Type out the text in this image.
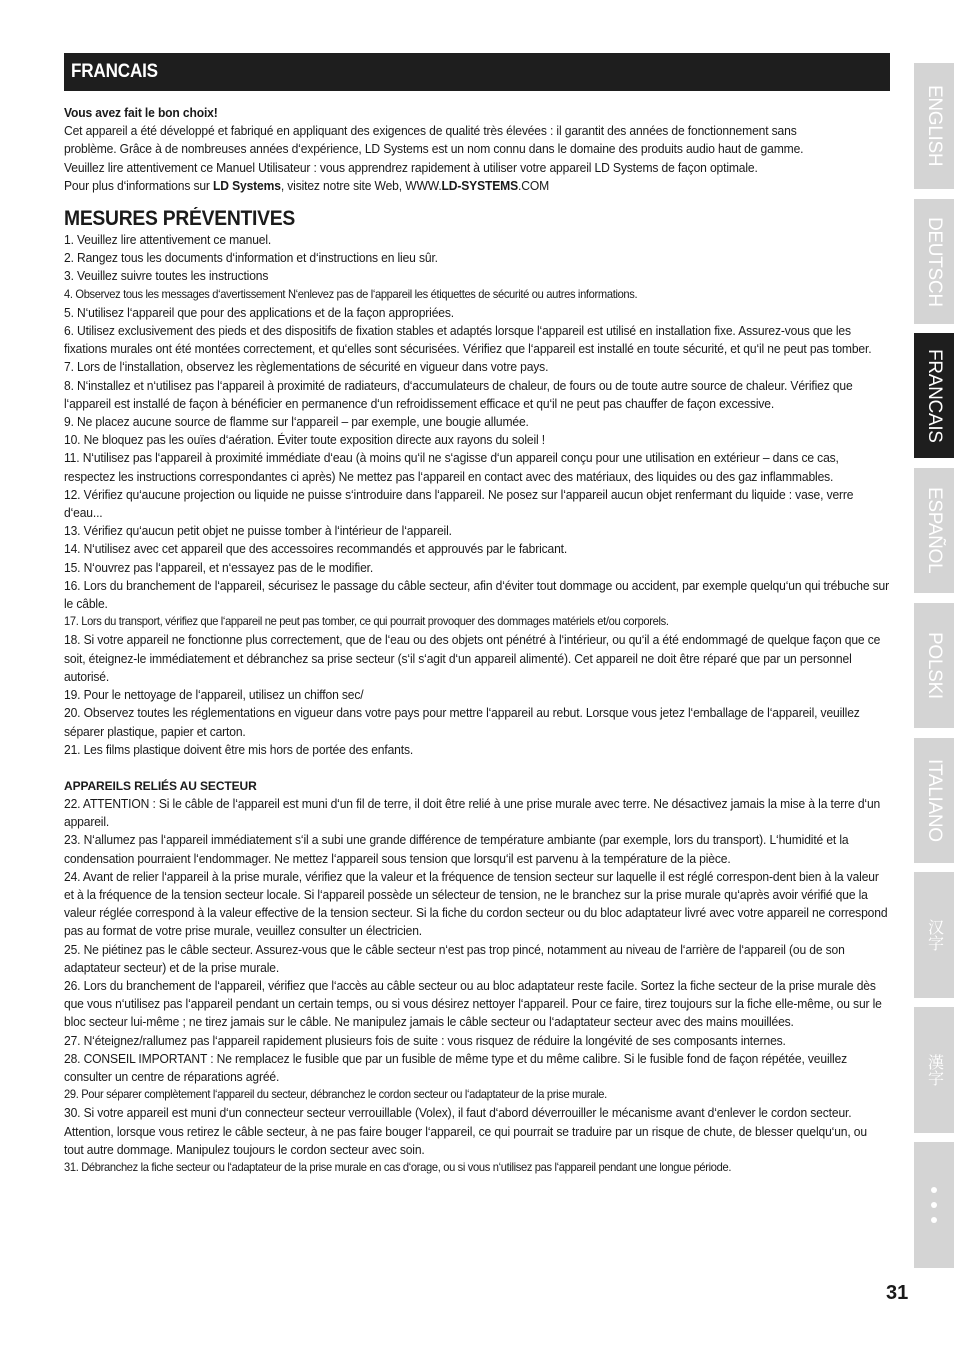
FRANCAIS

Vous avez fait le bon choix!

Cet appareil a été développé et fabriqué en appliquant des exigences de qualité très élevées : il garantit des années de fonctionnement sans
problème. Grâce à de nombreuses années d‘expérience, LD Systems est un nom connu dans le domaine des produits audio haut de gamme.
Veuillez lire attentivement ce Manuel Utilisateur : vous apprendrez rapidement à utiliser votre appareil LD Systems de façon optimale.
Pour plus d‘informations sur LD Systems, visitez notre site Web, WWW.LD-SYSTEMS.COM
MESURES PRÉVENTIVES

1. Veuillez lire attentivement ce manuel.

2. Rangez tous les documents d‘information et d‘instructions en lieu sûr.

3. Veuillez suivre toutes les instructions

4. Observez tous les messages d‘avertissement N‘enlevez pas de l‘appareil les étiquettes de sécurité ou autres informations.

5. N‘utilisez l‘appareil que pour des applications et de la façon appropriées.

6. Utilisez exclusivement des pieds et des dispositifs de fixation stables et adaptés lorsque l‘appareil est utilisé en installation fixe. Assurez-vous que les fixations murales ont été montées correctement, et qu‘elles sont sécurisées. Vérifiez que l‘appareil est installé en toute sécurité, et qu‘il ne peut pas tomber.

7. Lors de l‘installation, observez les règlementations de sécurité en vigueur dans votre pays.

8. N‘installez et n‘utilisez pas l‘appareil à proximité de radiateurs, d‘accumulateurs de chaleur, de fours ou de toute autre source de chaleur. Vérifiez que l‘appareil est installé de façon à bénéficier en permanence d‘un refroidissement efficace et qu‘il ne peut pas chauffer de façon excessive.

9. Ne placez aucune source de flamme sur l‘appareil – par exemple, une bougie allumée.

10. Ne bloquez pas les ouïes d‘aération. Éviter toute exposition directe aux rayons du soleil !

11. N‘utilisez pas l‘appareil à proximité immédiate d‘eau (à moins qu‘il ne s‘agisse d‘un appareil conçu pour une utilisation en extérieur – dans ce cas, respectez les instructions correspondantes ci après) Ne mettez pas l‘appareil en contact avec des matériaux, des liquides ou des gaz inflammables.

12. Vérifiez qu‘aucune projection ou liquide ne puisse s‘introduire dans l‘appareil. Ne posez sur l‘appareil aucun objet renfermant du liquide : vase, verre d‘eau...

13. Vérifiez qu‘aucun petit objet ne puisse tomber à l‘intérieur de l‘appareil.

14. N‘utilisez avec cet appareil que des accessoires recommandés et approuvés par le fabricant.

15. N‘ouvrez pas l‘appareil, et n‘essayez pas de le modifier.

16. Lors du branchement de l‘appareil, sécurisez le passage du câble secteur, afin d‘éviter tout dommage ou accident, par exemple quelqu‘un qui trébuche sur le câble.

17. Lors du transport, vérifiez que l‘appareil ne peut pas tomber, ce qui pourrait provoquer des dommages matériels et/ou corporels.

18. Si votre appareil ne fonctionne plus correctement, que de l‘eau ou des objets ont pénétré à l‘intérieur, ou qu‘il a été endommagé de quelque façon que ce soit, éteignez-le immédiatement et débranchez sa prise secteur (s‘il s‘agit d‘un appareil alimenté). Cet appareil ne doit être réparé que par un personnel autorisé.

19. Pour le nettoyage de l‘appareil, utilisez un chiffon sec/

20. Observez toutes les réglementations en vigueur dans votre pays pour mettre l‘appareil au rebut. Lorsque vous jetez l‘emballage de l‘appareil, veuillez séparer plastique, papier et carton.

21. Les films plastique doivent être mis hors de portée des enfants.

APPAREILS RELIÉS AU SECTEUR

22. ATTENTION : Si le câble de l‘appareil est muni d‘un fil de terre, il doit être relié à une prise murale avec terre. Ne désactivez jamais la mise à la terre d‘un appareil.

23. N‘allumez pas l‘appareil immédiatement s‘il a subi une grande différence de température ambiante (par exemple, lors du transport). L‘humidité et la condensation pourraient l‘endommager. Ne mettez l‘appareil sous tension que lorsqu‘il est parvenu à la température de la pièce.

24. Avant de relier l‘appareil à la prise murale, vérifiez que la valeur et la fréquence de tension secteur sur laquelle il est réglé correspon-dent bien à la valeur et à la fréquence de la tension secteur locale. Si l‘appareil possède un sélecteur de tension, ne le branchez sur la prise murale qu‘après avoir vérifié que la valeur réglée correspond à la valeur effective de la tension secteur. Si la fiche du cordon secteur ou du bloc adaptateur livré avec votre appareil ne correspond pas au format de votre prise murale, veuillez consulter un électricien.

25. Ne piétinez pas le câble secteur. Assurez-vous que le câble secteur n‘est pas trop pincé, notamment au niveau de l‘arrière de l‘appareil (ou de son adaptateur secteur) et de la prise murale.

26. Lors du branchement de l‘appareil, vérifiez que l‘accès au câble secteur ou au bloc adaptateur reste facile. Sortez la fiche secteur de la prise murale dès que vous n‘utilisez pas l‘appareil pendant un certain temps, ou si vous désirez nettoyer l‘appareil. Pour ce faire, tirez toujours sur la fiche elle-même, ou sur le bloc secteur lui-même ; ne tirez jamais sur le câble. Ne manipulez jamais le câble secteur ou l‘adaptateur secteur avec des mains mouillées.

27. N‘éteignez/rallumez pas l‘appareil rapidement plusieurs fois de suite : vous risquez de réduire la longévité de ses composants internes.

28. CONSEIL IMPORTANT : Ne remplacez le fusible que par un fusible de même type et du même calibre. Si le fusible fond de façon répétée, veuillez consulter un centre de réparations agréé.

29. Pour séparer complètement l‘appareil du secteur, débranchez le cordon secteur ou l‘adaptateur de la prise murale.

30. Si votre appareil est muni d‘un connecteur secteur verrouillable (Volex), il faut d‘abord déverrouiller le mécanisme avant d‘enlever le cordon secteur. Attention, lorsque vous retirez le câble secteur, à ne pas faire bouger l‘appareil, ce qui pourrait se traduire par un risque de chute, de blesser quelqu‘un, ou tout autre dommage. Manipulez toujours le cordon secteur avec soin.

31. Débranchez la fiche secteur ou l‘adaptateur de la prise murale en cas d‘orage, ou si vous n‘utilisez pas l‘appareil pendant une longue période.

ENGLISH
DEUTSCH
FRANCAIS
ESPAÑOL
POLSKI
ITALIANO
汉字
漢字
31
